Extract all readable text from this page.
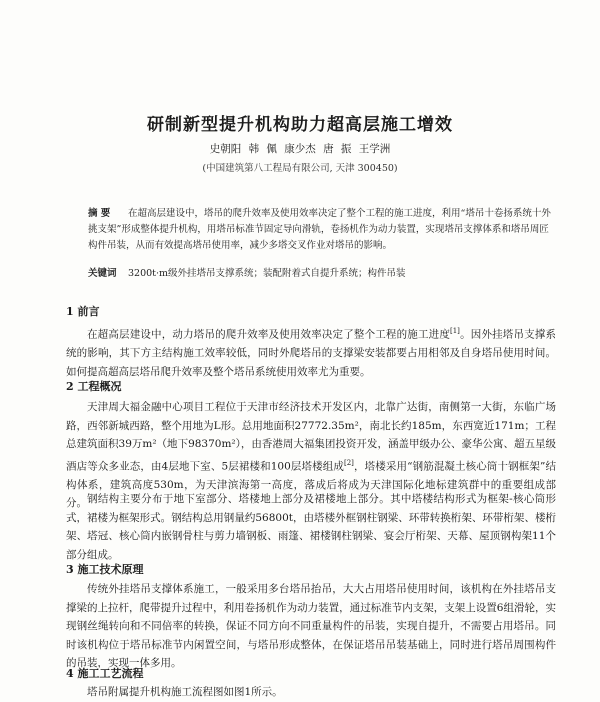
研制新型提升机构助力超高层施工增效
史朝阳 韩 佩 康少杰 唐 振 王学洲
(中国建筑第八工程局有限公司, 天津 300450)
摘 要 在超高层建设中，塔吊的爬升效率及使用效率决定了整个工程的施工进度，利用“塔吊十卷扬系统十外挑支架”形成整体提升机构，用塔吊标准节固定导向滑轨，卷扬机作为动力装置，实现塔吊支撑体系和塔吊周匠构件吊装，从而有效提高塔吊使用率，减少多塔交叉作业对塔吊的影响。
关键词 3200t·m级外挂塔吊支撑系统；装配附着式自提升系统；构件吊装
1 前言
在超高层建设中，动力塔吊的爬升效率及使用效率决定了整个工程的施工进度[1]。因外挂塔吊支撑系统的影响，其下方主结构施工效率较低，同时外爬塔吊的支撑梁安装都要占用相邻及自身塔吊使用时间。如何提高超高层塔吊爬升效率及整个塔吊系统使用效率尤为重要。
2 工程概况
天津周大福金融中心项目工程位于天津市经济技术开发区内，北靠广达街，南侧第一大街，东临广场路，西邻新城西路，整个用地为L形。总用地面积27772.35m²，南北长约185m，东西宽近171m；工程总建筑面积39万m²（地下98370m²），由香港周大福集团投资开发，涵盖甲级办公、豪华公寓、超五星级酒店等众多业态，由4层地下室、5层裙楼和100层塔楼组成[2]，塔楼采用“钢筋混凝土核心筒十钢框架”结构体系，建筑高度530m，为天津滨海第一高度，落成后将成为天津国际化地标建筑群中的重要组成部分。 钢结构主要分布于地下室部分、塔楼地上部分及裙楼地上部分。其中塔楼结构形式为框架-核心筒形式，裙楼为框架形式。钢结构总用钢量约56800t，由塔楼外框钢柱钢梁、环带转换桁架、环带桁架、楼桁架、塔冠、核心筒内嵌钢骨柱与剪力墙钢板、雨篷、裙楼钢柱钢梁、宴会厅桁架、天幕、屋顶钢构架11个部分组成。
3 施工技术原理
传统外挂塔吊支撑体系施工，一般采用多台塔吊抬吊，大大占用塔吊使用时间，该机构在外挂塔吊支撑梁的上拉杆，爬带提升过程中，利用卷扬机作为动力装置，通过标准节内支架，支架上设置6组滑轮，实现钢丝绳转向和不同倍率的转换，保证不同方向不同重量构件的吊装，实现自提升，不需要占用塔吊。同时该机构位于塔吊标准节内闲置空间，与塔吊形成整体，在保证塔吊吊装基础上，同时进行塔吊周围构件的吊装，实现一体多用。
4 施工工艺流程
塔吊附属提升机构施工流程图如图1所示。
